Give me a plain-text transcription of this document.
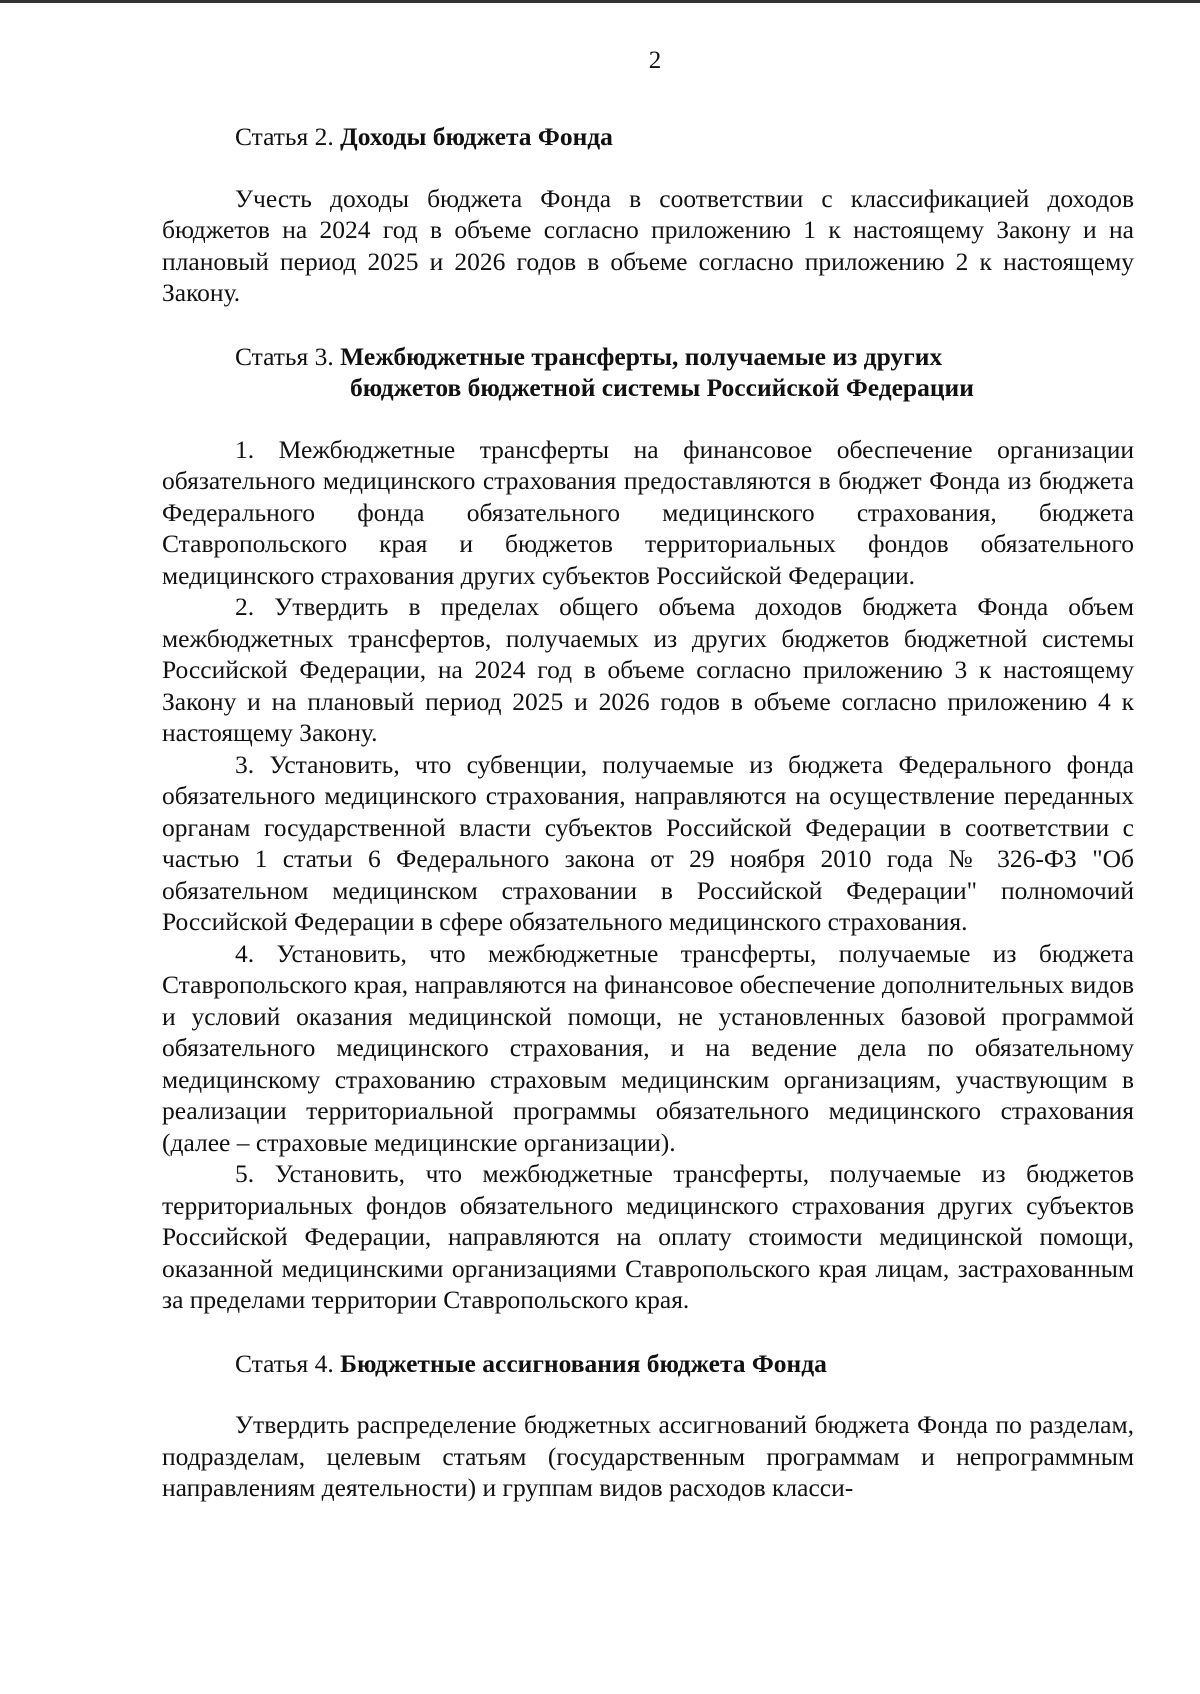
2

Статья 2. Доходы бюджета Фонда

Учесть доходы бюджета Фонда в соответствии с классификацией доходов бюджетов на 2024 год в объеме согласно приложению 1 к настоящему Закону и на плановый период 2025 и 2026 годов в объеме согласно приложению 2 к настоящему Закону.

Статья 3. Межбюджетные трансферты, получаемые из других
бюджетов бюджетной системы Российской Федерации

1. Межбюджетные трансферты на финансовое обеспечение организации обязательного медицинского страхования предоставляются в бюджет Фонда из бюджета Федерального фонда обязательного медицинского страхования, бюджета Ставропольского края и бюджетов территориальных фондов обязательного медицинского страхования других субъектов Российской Федерации.

2. Утвердить в пределах общего объема доходов бюджета Фонда объем межбюджетных трансфертов, получаемых из других бюджетов бюджетной системы Российской Федерации, на 2024 год в объеме согласно приложению 3 к настоящему Закону и на плановый период 2025 и 2026 годов в объеме согласно приложению 4 к настоящему Закону.

3. Установить, что субвенции, получаемые из бюджета Федерального фонда обязательного медицинского страхования, направляются на осуществление переданных органам государственной власти субъектов Российской Федерации в соответствии с частью 1 статьи 6 Федерального закона от 29 ноября 2010 года № 326-ФЗ "Об обязательном медицинском страховании в Российской Федерации" полномочий Российской Федерации в сфере обязательного медицинского страхования.

4. Установить, что межбюджетные трансферты, получаемые из бюджета Ставропольского края, направляются на финансовое обеспечение дополнительных видов и условий оказания медицинской помощи, не установленных базовой программой обязательного медицинского страхования, и на ведение дела по обязательному медицинскому страхованию страховым медицинским организациям, участвующим в реализации территориальной программы обязательного медицинского страхования (далее – страховые медицинские организации).

5. Установить, что межбюджетные трансферты, получаемые из бюджетов территориальных фондов обязательного медицинского страхования других субъектов Российской Федерации, направляются на оплату стоимости медицинской помощи, оказанной медицинскими организациями Ставропольского края лицам, застрахованным за пределами территории Ставропольского края.

Статья 4. Бюджетные ассигнования бюджета Фонда

Утвердить распределение бюджетных ассигнований бюджета Фонда по разделам, подразделам, целевым статьям (государственным программам и непрограммным направлениям деятельности) и группам видов расходов класси-
